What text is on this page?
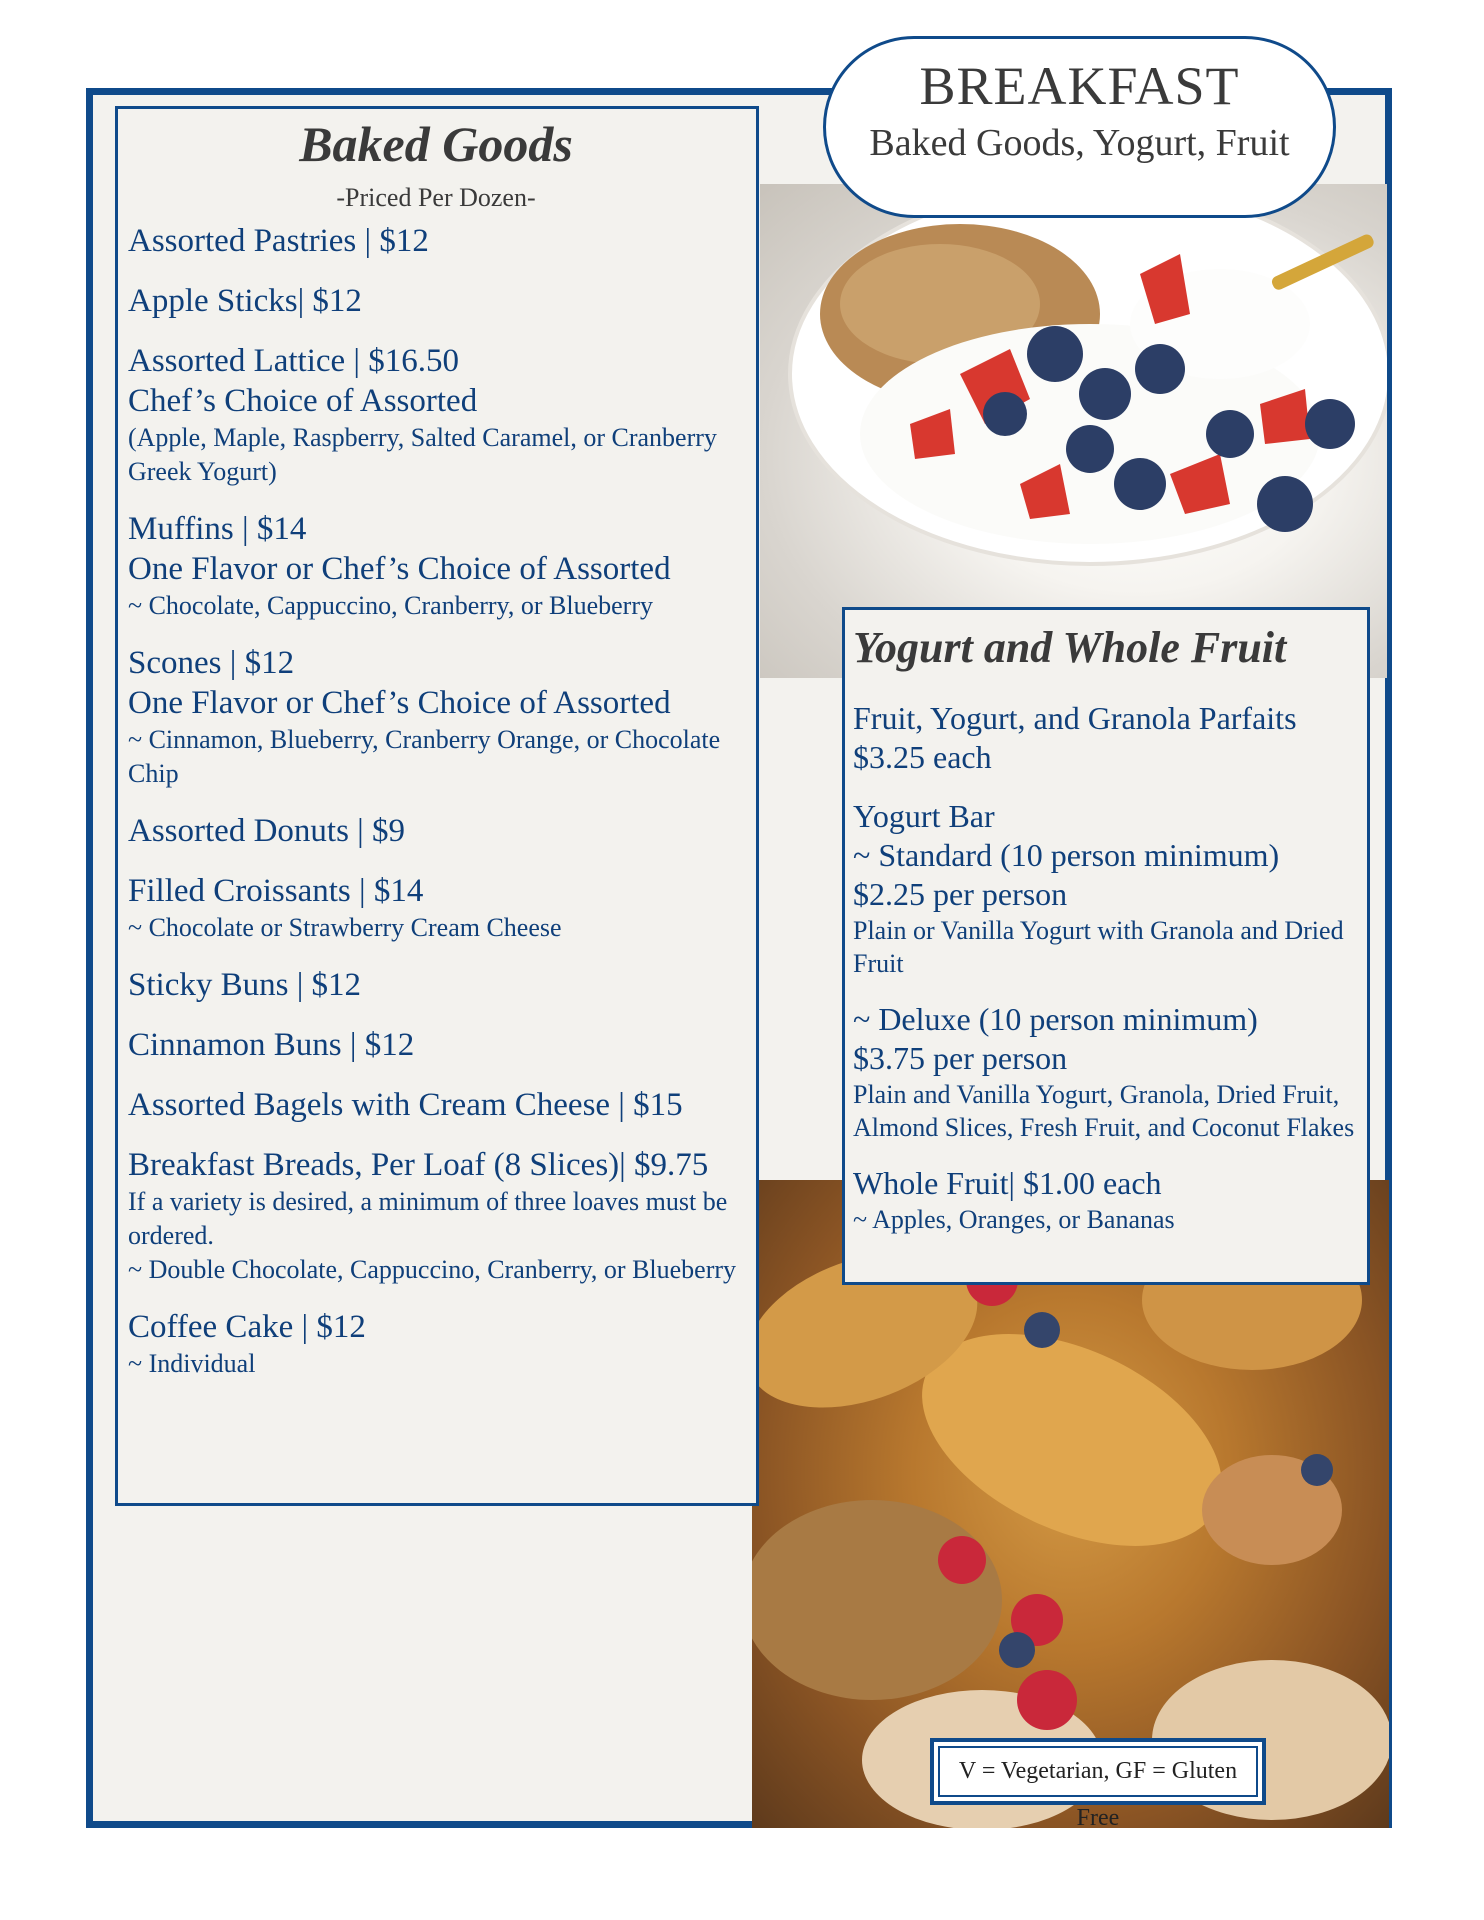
BREAKFAST
Baked Goods, Yogurt, Fruit
Baked Goods
-Priced Per Dozen-
Assorted Pastries | $12
Apple Sticks| $12
Assorted Lattice | $16.50
Chef’s Choice of Assorted
(Apple, Maple, Raspberry, Salted Caramel, or Cranberry Greek Yogurt)
Muffins | $14
One Flavor or Chef’s Choice of Assorted
~ Chocolate, Cappuccino, Cranberry, or Blueberry
Scones | $12
One Flavor or Chef’s Choice of Assorted
~ Cinnamon, Blueberry, Cranberry Orange, or Chocolate Chip
Assorted Donuts | $9
Filled Croissants | $14
~ Chocolate or Strawberry Cream Cheese
Sticky Buns | $12
Cinnamon Buns | $12
Assorted Bagels with Cream Cheese | $15
Breakfast Breads, Per Loaf (8 Slices)| $9.75
If a variety is desired, a minimum of three loaves must be ordered.
~ Double Chocolate, Cappuccino, Cranberry, or Blueberry
Coffee Cake | $12
~ Individual
Yogurt and Whole Fruit
Fruit, Yogurt, and Granola Parfaits
$3.25 each
Yogurt Bar
~ Standard (10 person minimum)
$2.25 per person
Plain or Vanilla Yogurt with Granola and Dried Fruit
~ Deluxe (10 person minimum)
$3.75 per person
Plain and Vanilla Yogurt, Granola, Dried Fruit, Almond Slices, Fresh Fruit, and Coconut Flakes
Whole Fruit| $1.00 each
~ Apples, Oranges, or Bananas
V = Vegetarian, GF = Gluten Free
